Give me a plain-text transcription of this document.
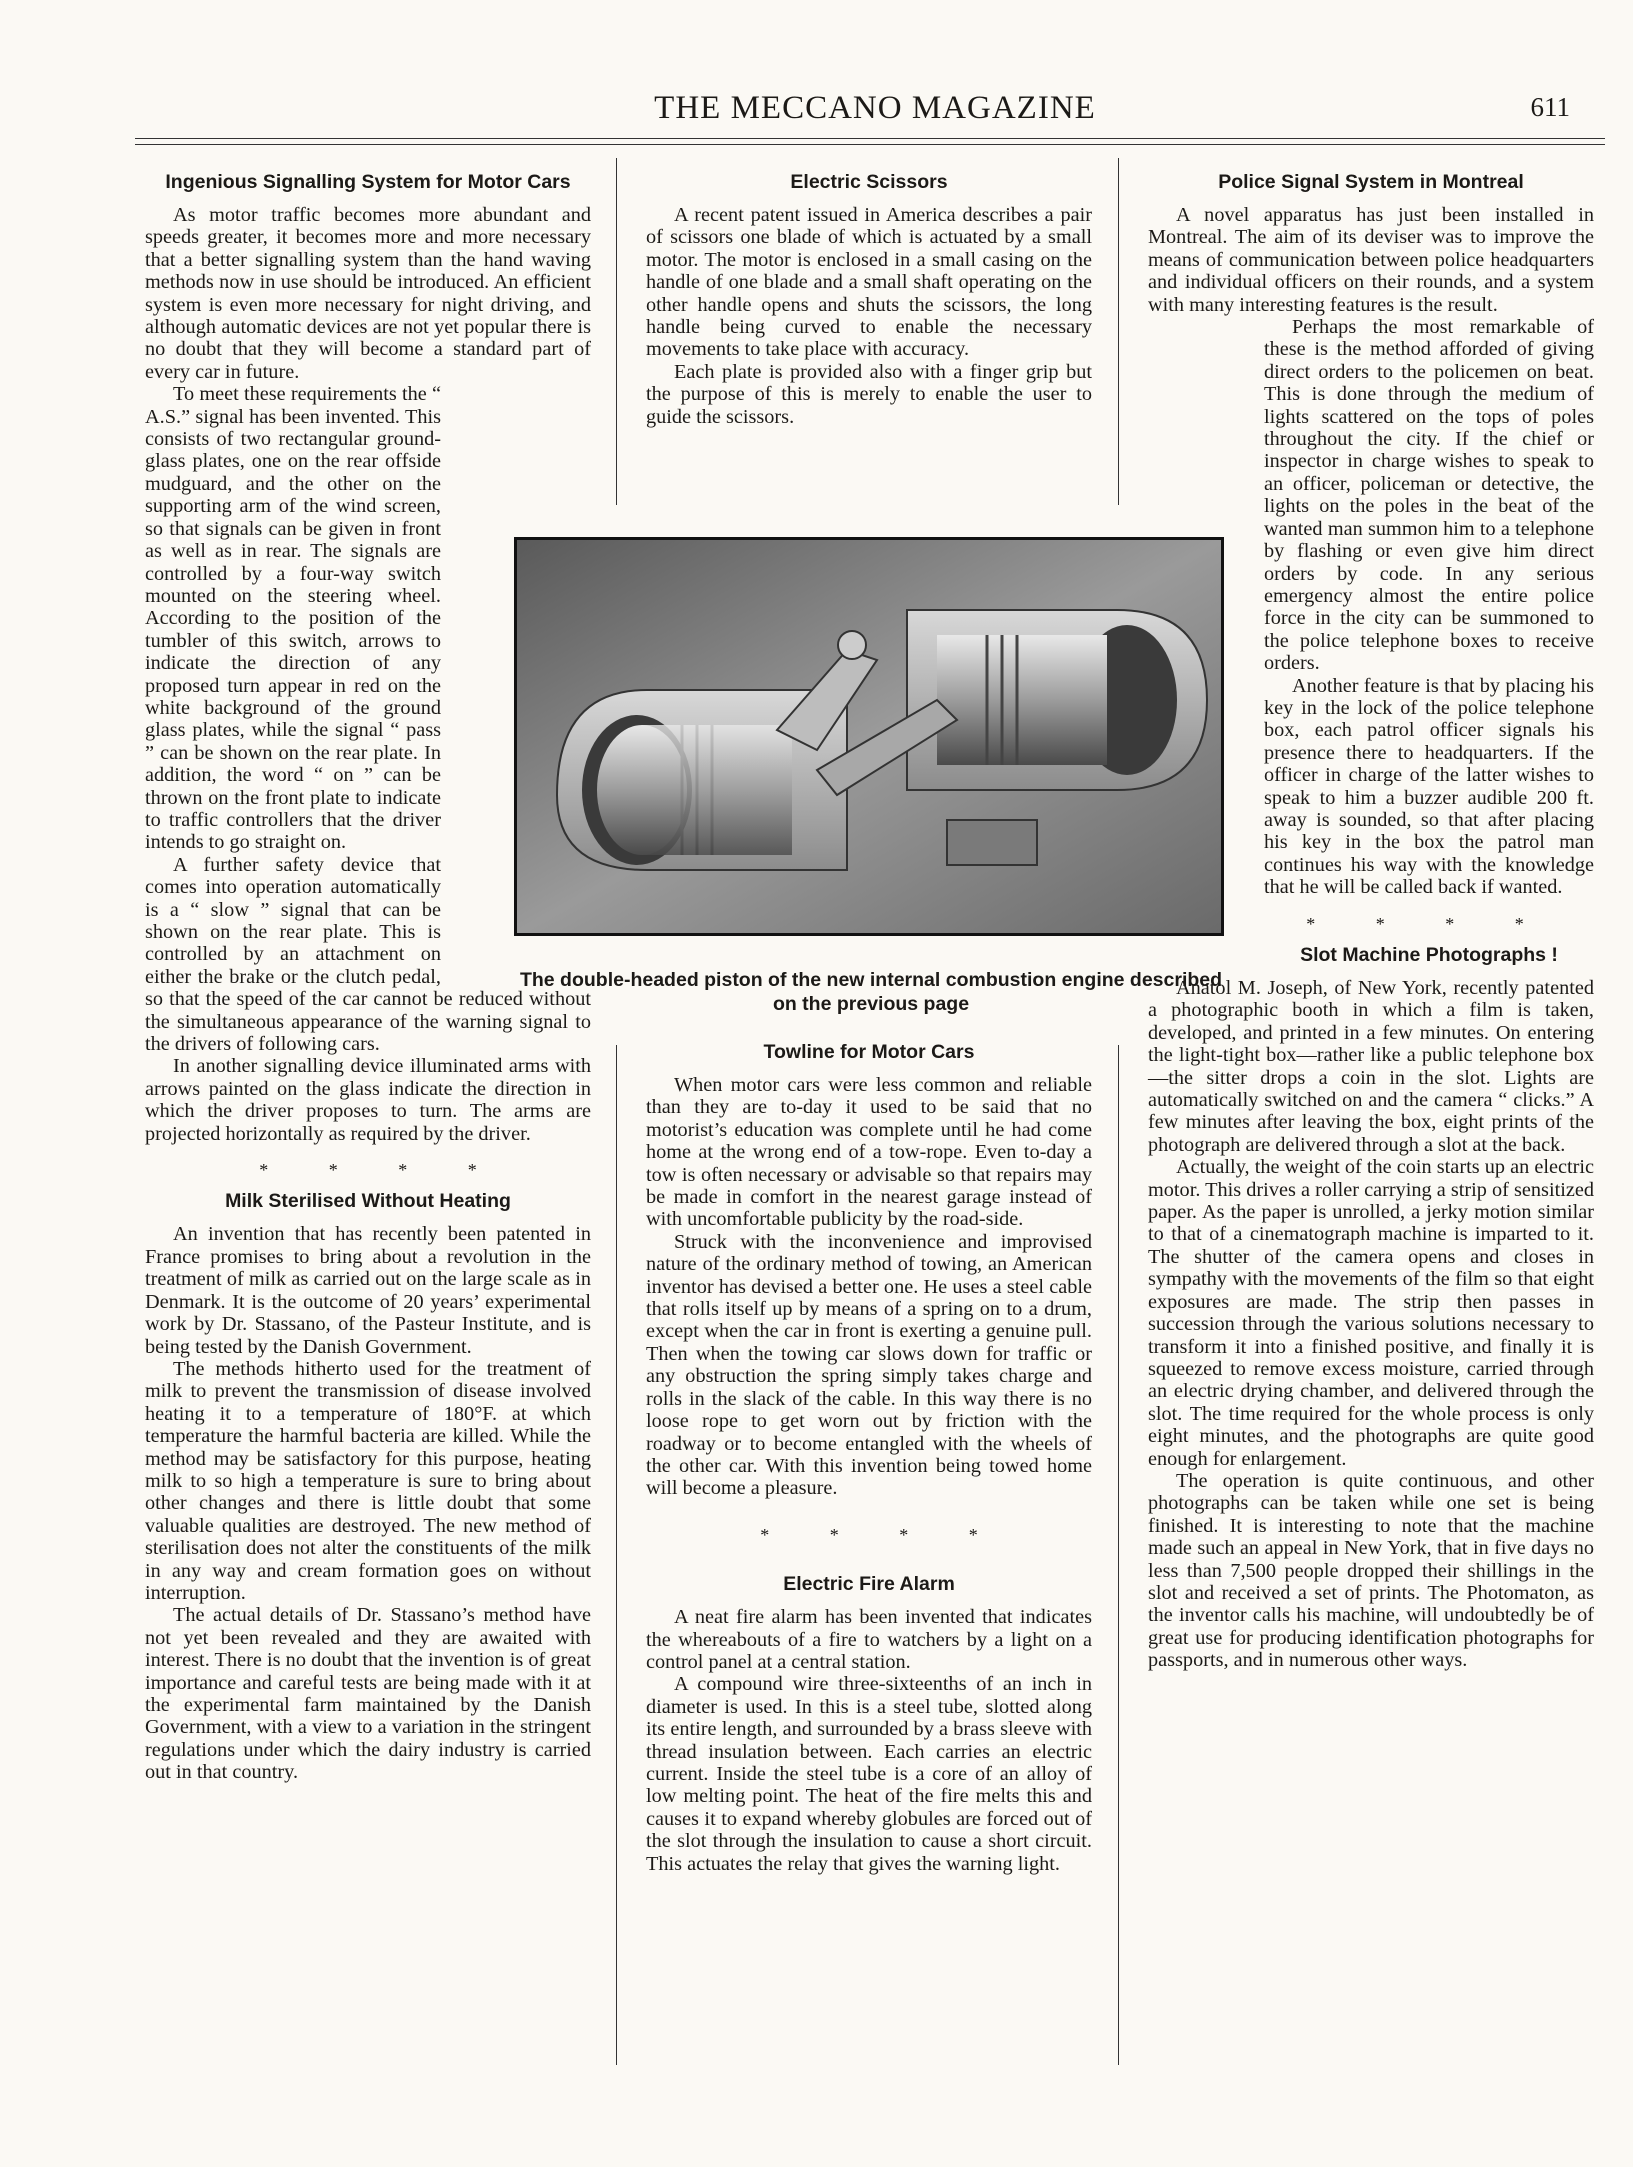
THE MECCANO MAGAZINE	611
Ingenious Signalling System for Motor Cars

As motor traffic becomes more abundant and speeds greater, it becomes more and more necessary that a better signalling system than the hand waving methods now in use should be introduced. An efficient system is even more necessary for night driving, and although automatic devices are not yet popular there is no doubt that they will become a standard part of every car in future.

To meet these requirements the “ A.S.” signal has been invented. This consists of two rectangular ground-glass plates, one on the rear offside mudguard, and the other on the supporting arm of the wind screen, so that signals can be given in front as well as in rear. The signals are controlled by a four-way switch mounted on the steering wheel. According to the position of the tumbler of this switch, arrows to indicate the direction of any proposed turn appear in red on the white background of the ground glass plates, while the signal “ pass ” can be shown on the rear plate. In addition, the word “ on ” can be thrown on the front plate to indicate to traffic controllers that the driver intends to go straight on.

A further safety device that comes into operation automatically is a “ slow ” signal that can be shown on the rear plate. This is controlled by an attachment on either the brake or the clutch pedal, so that the speed of the car cannot be reduced without the simultaneous appearance of the warning signal to the drivers of following cars.

In another signalling device illuminated arms with arrows painted on the glass indicate the direction in which the driver proposes to turn. The arms are projected horizontally as required by the driver.

* * * *
Milk Sterilised Without Heating

An invention that has recently been patented in France promises to bring about a revolution in the treatment of milk as carried out on the large scale as in Denmark. It is the outcome of 20 years’ experimental work by Dr. Stassano, of the Pasteur Institute, and is being tested by the Danish Government.

The methods hitherto used for the treatment of milk to prevent the transmission of disease involved heating it to a temperature of 180°F. at which temperature the harmful bacteria are killed. While the method may be satisfactory for this purpose, heating milk to so high a temperature is sure to bring about other changes and there is little doubt that some valuable qualities are destroyed. The new method of sterilisation does not alter the constituents of the milk in any way and cream formation goes on without interruption.

The actual details of Dr. Stassano’s method have not yet been revealed and they are awaited with interest. There is no doubt that the invention is of great importance and careful tests are being made with it at the experimental farm maintained by the Danish Government, with a view to a variation in the stringent regulations under which the dairy industry is carried out in that country.

Electric Scissors

A recent patent issued in America describes a pair of scissors one blade of which is actuated by a small motor. The motor is enclosed in a small casing on the handle of one blade and a small shaft operating on the other handle opens and shuts the scissors, the long handle being curved to enable the necessary movements to take place with accuracy.

Each plate is provided also with a finger grip but the purpose of this is merely to enable the user to guide the scissors.

The double-headed piston of the new internal combustion engine described on the previous page
Towline for Motor Cars

When motor cars were less common and reliable than they are to-day it used to be said that no motorist’s education was complete until he had come home at the wrong end of a tow-rope. Even to-day a tow is often necessary or advisable so that repairs may be made in comfort in the nearest garage instead of with uncomfortable publicity by the road-side.

Struck with the inconvenience and improvised nature of the ordinary method of towing, an American inventor has devised a better one. He uses a steel cable that rolls itself up by means of a spring on to a drum, except when the car in front is exerting a genuine pull. Then when the towing car slows down for traffic or any obstruction the spring simply takes charge and rolls in the slack of the cable. In this way there is no loose rope to get worn out by friction with the roadway or to become entangled with the wheels of the other car. With this invention being towed home will become a pleasure.

* * * *
Electric Fire Alarm

A neat fire alarm has been invented that indicates the whereabouts of a fire to watchers by a light on a control panel at a central station.

A compound wire three-sixteenths of an inch in diameter is used. In this is a steel tube, slotted along its entire length, and surrounded by a brass sleeve with thread insulation between. Each carries an electric current. Inside the steel tube is a core of an alloy of low melting point. The heat of the fire melts this and causes it to expand whereby globules are forced out of the slot through the insulation to cause a short circuit. This actuates the relay that gives the warning light.

Police Signal System in Montreal

A novel apparatus has just been installed in Montreal. The aim of its deviser was to improve the means of communication between police headquarters and individual officers on their rounds, and a system with many interesting features is the result.

Perhaps the most remarkable of these is the method afforded of giving direct orders to the policemen on beat. This is done through the medium of lights scattered on the tops of poles throughout the city. If the chief or inspector in charge wishes to speak to an officer, policeman or detective, the lights on the poles in the beat of the wanted man summon him to a telephone by flashing or even give him direct orders by code. In any serious emergency almost the entire police force in the city can be summoned to the police telephone boxes to receive orders.

Another feature is that by placing his key in the lock of the police telephone box, each patrol officer signals his presence there to headquarters. If the officer in charge of the latter wishes to speak to him a buzzer audible 200 ft. away is sounded, so that after placing his key in the box the patrol man continues his way with the knowledge that he will be called back if wanted.

* * * *
Slot Machine Photographs !

Anatol M. Joseph, of New York, recently patented a photographic booth in which a film is taken, developed, and printed in a few minutes. On entering the light-tight box—rather like a public telephone box—the sitter drops a coin in the slot. Lights are automatically switched on and the camera “ clicks.” A few minutes after leaving the box, eight prints of the photograph are delivered through a slot at the back.

Actually, the weight of the coin starts up an electric motor. This drives a roller carrying a strip of sensitized paper. As the paper is unrolled, a jerky motion similar to that of a cinematograph machine is imparted to it. The shutter of the camera opens and closes in sympathy with the movements of the film so that eight exposures are made. The strip then passes in succession through the various solutions necessary to transform it into a finished positive, and finally it is squeezed to remove excess moisture, carried through an electric drying chamber, and delivered through the slot. The time required for the whole process is only eight minutes, and the photographs are quite good enough for enlargement.

The operation is quite continuous, and other photographs can be taken while one set is being finished. It is interesting to note that the machine made such an appeal in New York, that in five days no less than 7,500 people dropped their shillings in the slot and received a set of prints. The Photomaton, as the inventor calls his machine, will undoubtedly be of great use for producing identification photographs for passports, and in numerous other ways.
